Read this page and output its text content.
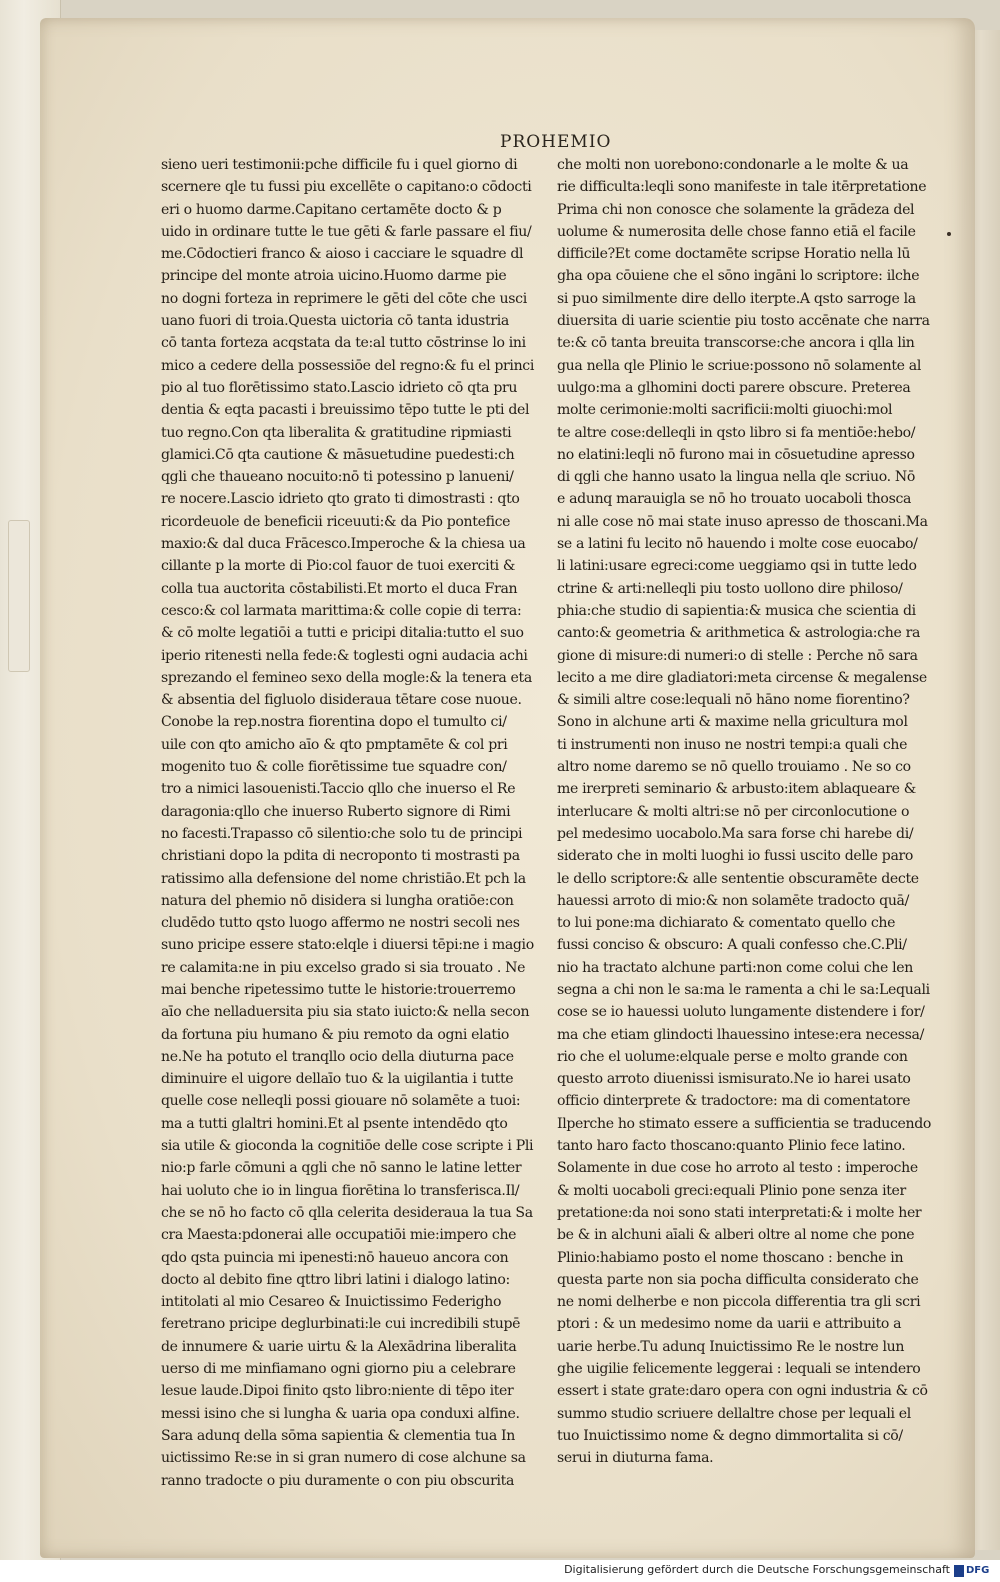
PROHEMIO
sieno ueri testimonii:pche difficile fu i quel giorno di
scernere qle tu fussi piu excellēte o capitano:o cōdocti
eri o huomo darme.Capitano certamēte docto & p
uido in ordinare tutte le tue gēti & farle passare el fiu/
me.Cōdoctieri franco & aioso i cacciare le squadre dl
principe del monte atroia uicino.Huomo darme pie
no dogni forteza in reprimere le gēti del cōte che usci
uano fuori di troia.Questa uictoria cō tanta idustria
cō tanta forteza acqstata da te:al tutto cōstrinse lo ini
mico a cedere della possessiōe del regno:& fu el princi
pio al tuo florētissimo stato.Lascio idrieto cō qta pru
dentia & eqta pacasti i breuissimo tēpo tutte le pti del
tuo regno.Con qta liberalita & gratitudine ripmiasti
glamici.Cō qta cautione & māsuetudine puedesti:ch
qgli che thaueano nocuito:nō ti potessino p lanueni/
re nocere.Lascio idrieto qto grato ti dimostrasti : qto
ricordeuole de beneficii riceuuti:& da Pio pontefice
maxio:& dal duca Frācesco.Imperoche & la chiesa ua
cillante p la morte di Pio:col fauor de tuoi exerciti &
colla tua auctorita cōstabilisti.Et morto el duca Fran
cesco:& col larmata marittima:& colle copie di terra:
& cō molte legatiōi a tutti e pricipi ditalia:tutto el suo
iperio ritenesti nella fede:& toglesti ogni audacia achi
sprezando el femineo sexo della mogle:& la tenera eta
& absentia del figluolo disideraua tētare cose nuoue.
Conobe la rep.nostra fiorentina dopo el tumulto ci/
uile con qto amicho aīo & qto pmptamēte & col pri
mogenito tuo & colle fiorētissime tue squadre con/
tro a nimici lasouenisti.Taccio qllo che inuerso el Re
daragonia:qllo che inuerso Ruberto signore di Rimi
no facesti.Trapasso cō silentio:che solo tu de principi
christiani dopo la pdita di necroponto ti mostrasti pa
ratissimo alla defensione del nome christiāo.Et pch la
natura del phemio nō disidera si lungha oratiōe:con
cludēdo tutto qsto luogo affermo ne nostri secoli nes
suno pricipe essere stato:elqle i diuersi tēpi:ne i magio
re calamita:ne in piu excelso grado si sia trouato . Ne
mai benche ripetessimo tutte le historie:trouerremo
aīo che nelladuersita piu sia stato iuicto:& nella secon
da fortuna piu humano & piu remoto da ogni elatio
ne.Ne ha potuto el tranqllo ocio della diuturna pace
diminuire el uigore dellaīo tuo & la uigilantia i tutte
quelle cose nelleqli possi giouare nō solamēte a tuoi:
ma a tutti glaltri homini.Et al psente intendēdo qto
sia utile & gioconda la cognitiōe delle cose scripte i Pli
nio:p farle cōmuni a qgli che nō sanno le latine letter
hai uoluto che io in lingua fiorētina lo transferisca.Il/
che se nō ho facto cō qlla celerita desideraua la tua Sa
cra Maesta:pdonerai alle occupatiōi mie:impero che
qdo qsta puincia mi ipenesti:nō haueuo ancora con
docto al debito fine qttro libri latini i dialogo latino:
intitolati al mio Cesareo & Inuictissimo Federigho
feretrano pricipe deglurbinati:le cui incredibili stupē
de innumere & uarie uirtu & la Alexādrina liberalita
uerso di me minfiamano ogni giorno piu a celebrare
lesue laude.Dipoi finito qsto libro:niente di tēpo iter
messi isino che si lungha & uaria opa conduxi alfine.
Sara adunq della sōma sapientia & clementia tua In
uictissimo Re:se in si gran numero di cose alchune sa
ranno tradocte o piu duramente o con piu obscurita
che molti non uorebono:condonarle a le molte & ua
rie difficulta:leqli sono manifeste in tale itērpretatione
Prima chi non conosce che solamente la grādeza del
uolume & numerosita delle chose fanno etiā el facile
difficile?Et come doctamēte scripse Horatio nella lū
gha opa cōuiene che el sōno ingāni lo scriptore: ilche
si puo similmente dire dello iterpte.A qsto sarroge la
diuersita di uarie scientie piu tosto accēnate che narra
te:& cō tanta breuita transcorse:che ancora i qlla lin
gua nella qle Plinio le scriue:possono nō solamente al
uulgo:ma a glhomini docti parere obscure. Preterea
molte cerimonie:molti sacrificii:molti giuochi:mol
te altre cose:delleqli in qsto libro si fa mentiōe:hebo/
no elatini:leqli nō furono mai in cōsuetudine apresso
di qgli che hanno usato la lingua nella qle scriuo. Nō
e adunq marauigla se nō ho trouato uocaboli thosca
ni alle cose nō mai state inuso apresso de thoscani.Ma
se a latini fu lecito nō hauendo i molte cose euocabo/
li latini:usare egreci:come ueggiamo qsi in tutte ledo
ctrine & arti:nelleqli piu tosto uollono dire philoso/
phia:che studio di sapientia:& musica che scientia di
canto:& geometria & arithmetica & astrologia:che ra
gione di misure:di numeri:o di stelle : Perche nō sara
lecito a me dire gladiatori:meta circense & megalense
& simili altre cose:lequali nō hāno nome fiorentino?
Sono in alchune arti & maxime nella gricultura mol
ti instrumenti non inuso ne nostri tempi:a quali che
altro nome daremo se nō quello trouiamo . Ne so co
me irerpreti seminario & arbusto:item ablaqueare &
interlucare & molti altri:se nō per circonlocutione o
pel medesimo uocabolo.Ma sara forse chi harebe di/
siderato che in molti luoghi io fussi uscito delle paro
le dello scriptore:& alle sententie obscuramēte decte
hauessi arroto di mio:& non solamēte tradocto quā/
to lui pone:ma dichiarato & comentato quello che
fussi conciso & obscuro: A quali confesso che.C.Pli/
nio ha tractato alchune parti:non come colui che len
segna a chi non le sa:ma le ramenta a chi le sa:Lequali
cose se io hauessi uoluto lungamente distendere i for/
ma che etiam glindocti lhauessino intese:era necessa/
rio che el uolume:elquale perse e molto grande con
questo arroto diuenissi ismisurato.Ne io harei usato
officio dinterprete & tradoctore: ma di comentatore
Ilperche ho stimato essere a sufficientia se traducendo
tanto haro facto thoscano:quanto Plinio fece latino.
Solamente in due cose ho arroto al testo : imperoche
& molti uocaboli greci:equali Plinio pone senza iter
pretatione:da noi sono stati interpretati:& i molte her
be & in alchuni aīali & alberi oltre al nome che pone
Plinio:habiamo posto el nome thoscano : benche in
questa parte non sia pocha difficulta considerato che
ne nomi delherbe e non piccola differentia tra gli scri
ptori : & un medesimo nome da uarii e attribuito a
uarie herbe.Tu adunq Inuictissimo Re le nostre lun
ghe uigilie felicemente leggerai : lequali se intendero
essert i state grate:daro opera con ogni industria & cō
summo studio scriuere dellaltre chose per lequali el
tuo Inuictissimo nome & degno dimmortalita si cō/
serui in diuturna fama.
Digitalisierung gefördert durch die Deutsche Forschungsgemeinschaft DFG
